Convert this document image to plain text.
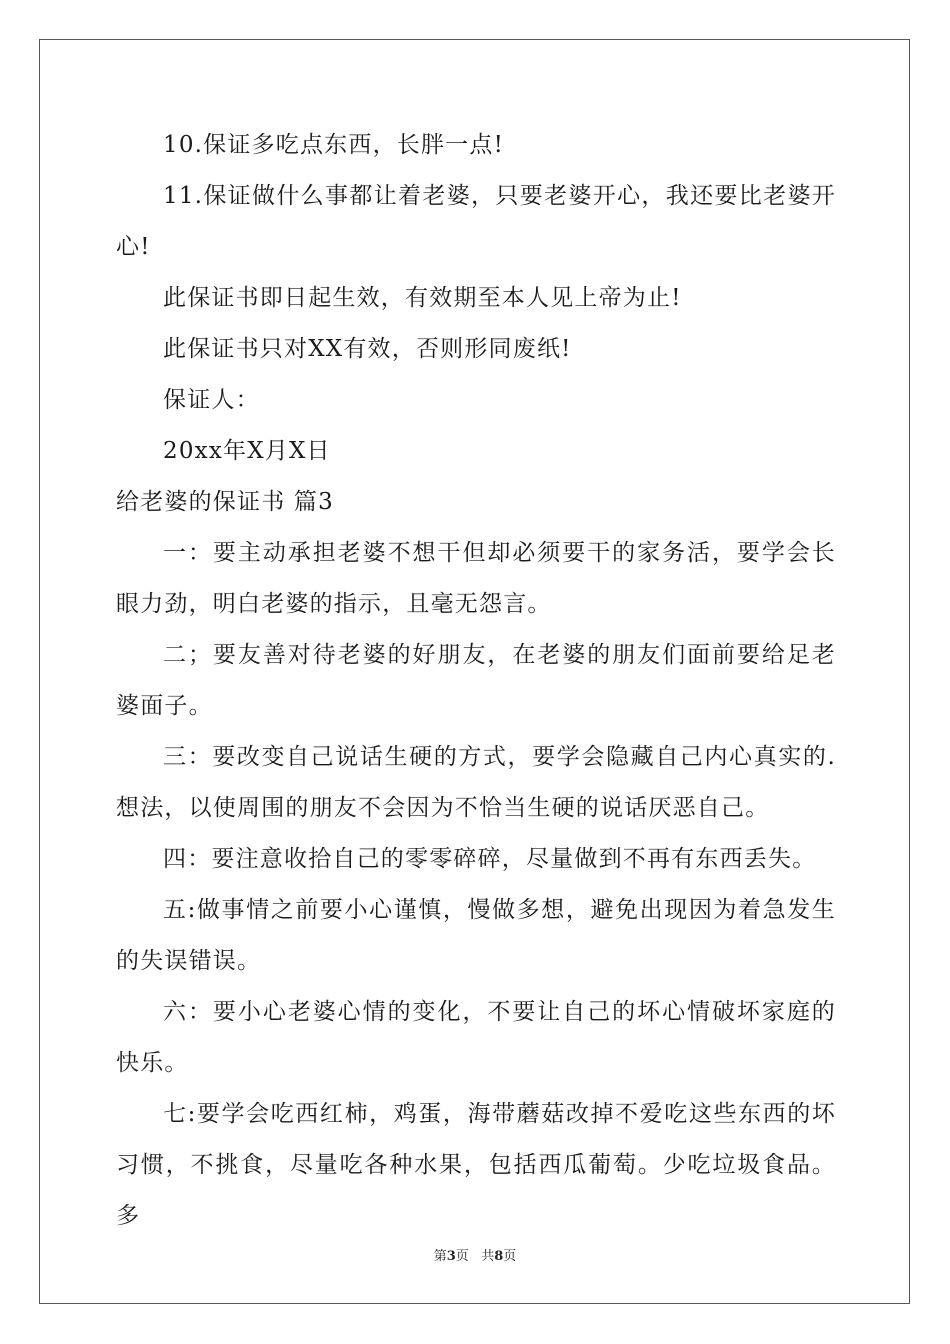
10.保证多吃点东西，长胖一点!

11.保证做什么事都让着老婆，只要老婆开心，我还要比老婆开心!

此保证书即日起生效，有效期至本人见上帝为止!

此保证书只对XX有效，否则形同废纸!

保证人：

20xx年X月X日

给老婆的保证书 篇3

一：要主动承担老婆不想干但却必须要干的家务活，要学会长眼力劲，明白老婆的指示，且毫无怨言。

二；要友善对待老婆的好朋友，在老婆的朋友们面前要给足老婆面子。

三：要改变自己说话生硬的方式，要学会隐藏自己内心真实的.想法，以使周围的朋友不会因为不恰当生硬的说话厌恶自己。

四：要注意收拾自己的零零碎碎，尽量做到不再有东西丢失。

五:做事情之前要小心谨慎，慢做多想，避免出现因为着急发生的失误错误。

六：要小心老婆心情的变化，不要让自己的坏心情破坏家庭的快乐。

七:要学会吃西红柿，鸡蛋，海带蘑菇改掉不爱吃这些东西的坏习惯，不挑食，尽量吃各种水果，包括西瓜葡萄。少吃垃圾食品。多

第3页 共8页
